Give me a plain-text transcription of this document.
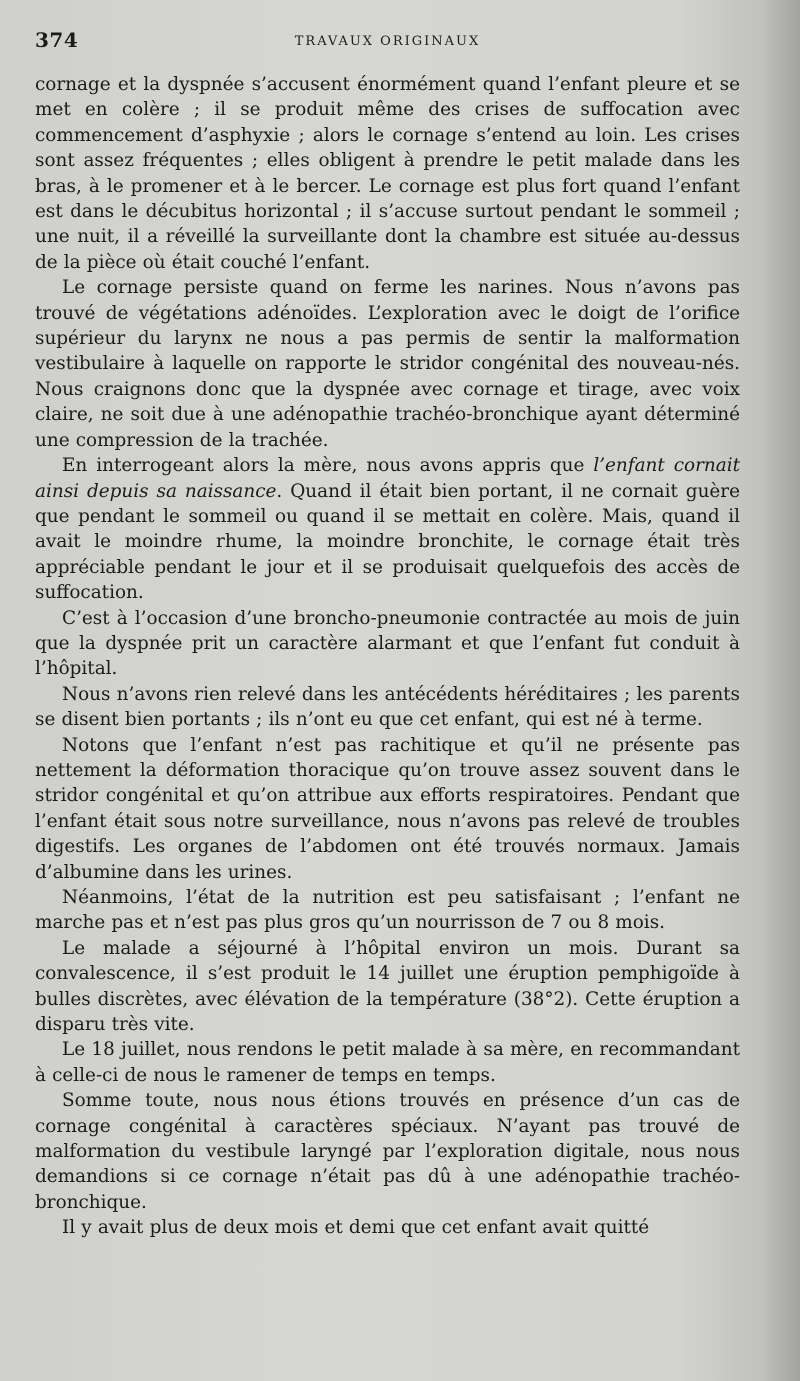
374	TRAVAUX ORIGINAUX

cornage et la dyspnée s’accusent énormément quand l’enfant pleure et se met en colère ; il se produit même des crises de suffocation avec commencement d’asphyxie ; alors le cornage s’entend au loin. Les crises sont assez fréquentes ; elles obligent à prendre le petit malade dans les bras, à le promener et à le bercer. Le cornage est plus fort quand l’enfant est dans le décubitus horizontal ; il s’accuse surtout pendant le sommeil ; une nuit, il a réveillé la surveillante dont la chambre est située au-dessus de la pièce où était couché l’enfant.

Le cornage persiste quand on ferme les narines. Nous n’avons pas trouvé de végétations adénoïdes. L’exploration avec le doigt de l’orifice supérieur du larynx ne nous a pas permis de sentir la malformation vestibulaire à laquelle on rapporte le stridor congénital des nouveau-nés. Nous craignons donc que la dyspnée avec cornage et tirage, avec voix claire, ne soit due à une adénopathie trachéo-bronchique ayant déterminé une compression de la trachée.

En interrogeant alors la mère, nous avons appris que l’enfant cornait ainsi depuis sa naissance. Quand il était bien portant, il ne cornait guère que pendant le sommeil ou quand il se mettait en colère. Mais, quand il avait le moindre rhume, la moindre bronchite, le cornage était très appréciable pendant le jour et il se produisait quelquefois des accès de suffocation.

C’est à l’occasion d’une broncho-pneumonie contractée au mois de juin que la dyspnée prit un caractère alarmant et que l’enfant fut conduit à l’hôpital.

Nous n’avons rien relevé dans les antécédents héréditaires ; les parents se disent bien portants ; ils n’ont eu que cet enfant, qui est né à terme.

Notons que l’enfant n’est pas rachitique et qu’il ne présente pas nettement la déformation thoracique qu’on trouve assez souvent dans le stridor congénital et qu’on attribue aux efforts respiratoires. Pendant que l’enfant était sous notre surveillance, nous n’avons pas relevé de troubles digestifs. Les organes de l’abdomen ont été trouvés normaux. Jamais d’albumine dans les urines.

Néanmoins, l’état de la nutrition est peu satisfaisant ; l’enfant ne marche pas et n’est pas plus gros qu’un nourrisson de 7 ou 8 mois.

Le malade a séjourné à l’hôpital environ un mois. Durant sa convalescence, il s’est produit le 14 juillet une éruption pemphigoïde à bulles discrètes, avec élévation de la température (38°2). Cette éruption a disparu très vite.

Le 18 juillet, nous rendons le petit malade à sa mère, en recommandant à celle-ci de nous le ramener de temps en temps.

Somme toute, nous nous étions trouvés en présence d’un cas de cornage congénital à caractères spéciaux. N’ayant pas trouvé de malformation du vestibule laryngé par l’exploration digitale, nous nous demandions si ce cornage n’était pas dû à une adénopathie trachéo-bronchique.

Il y avait plus de deux mois et demi que cet enfant avait quitté
